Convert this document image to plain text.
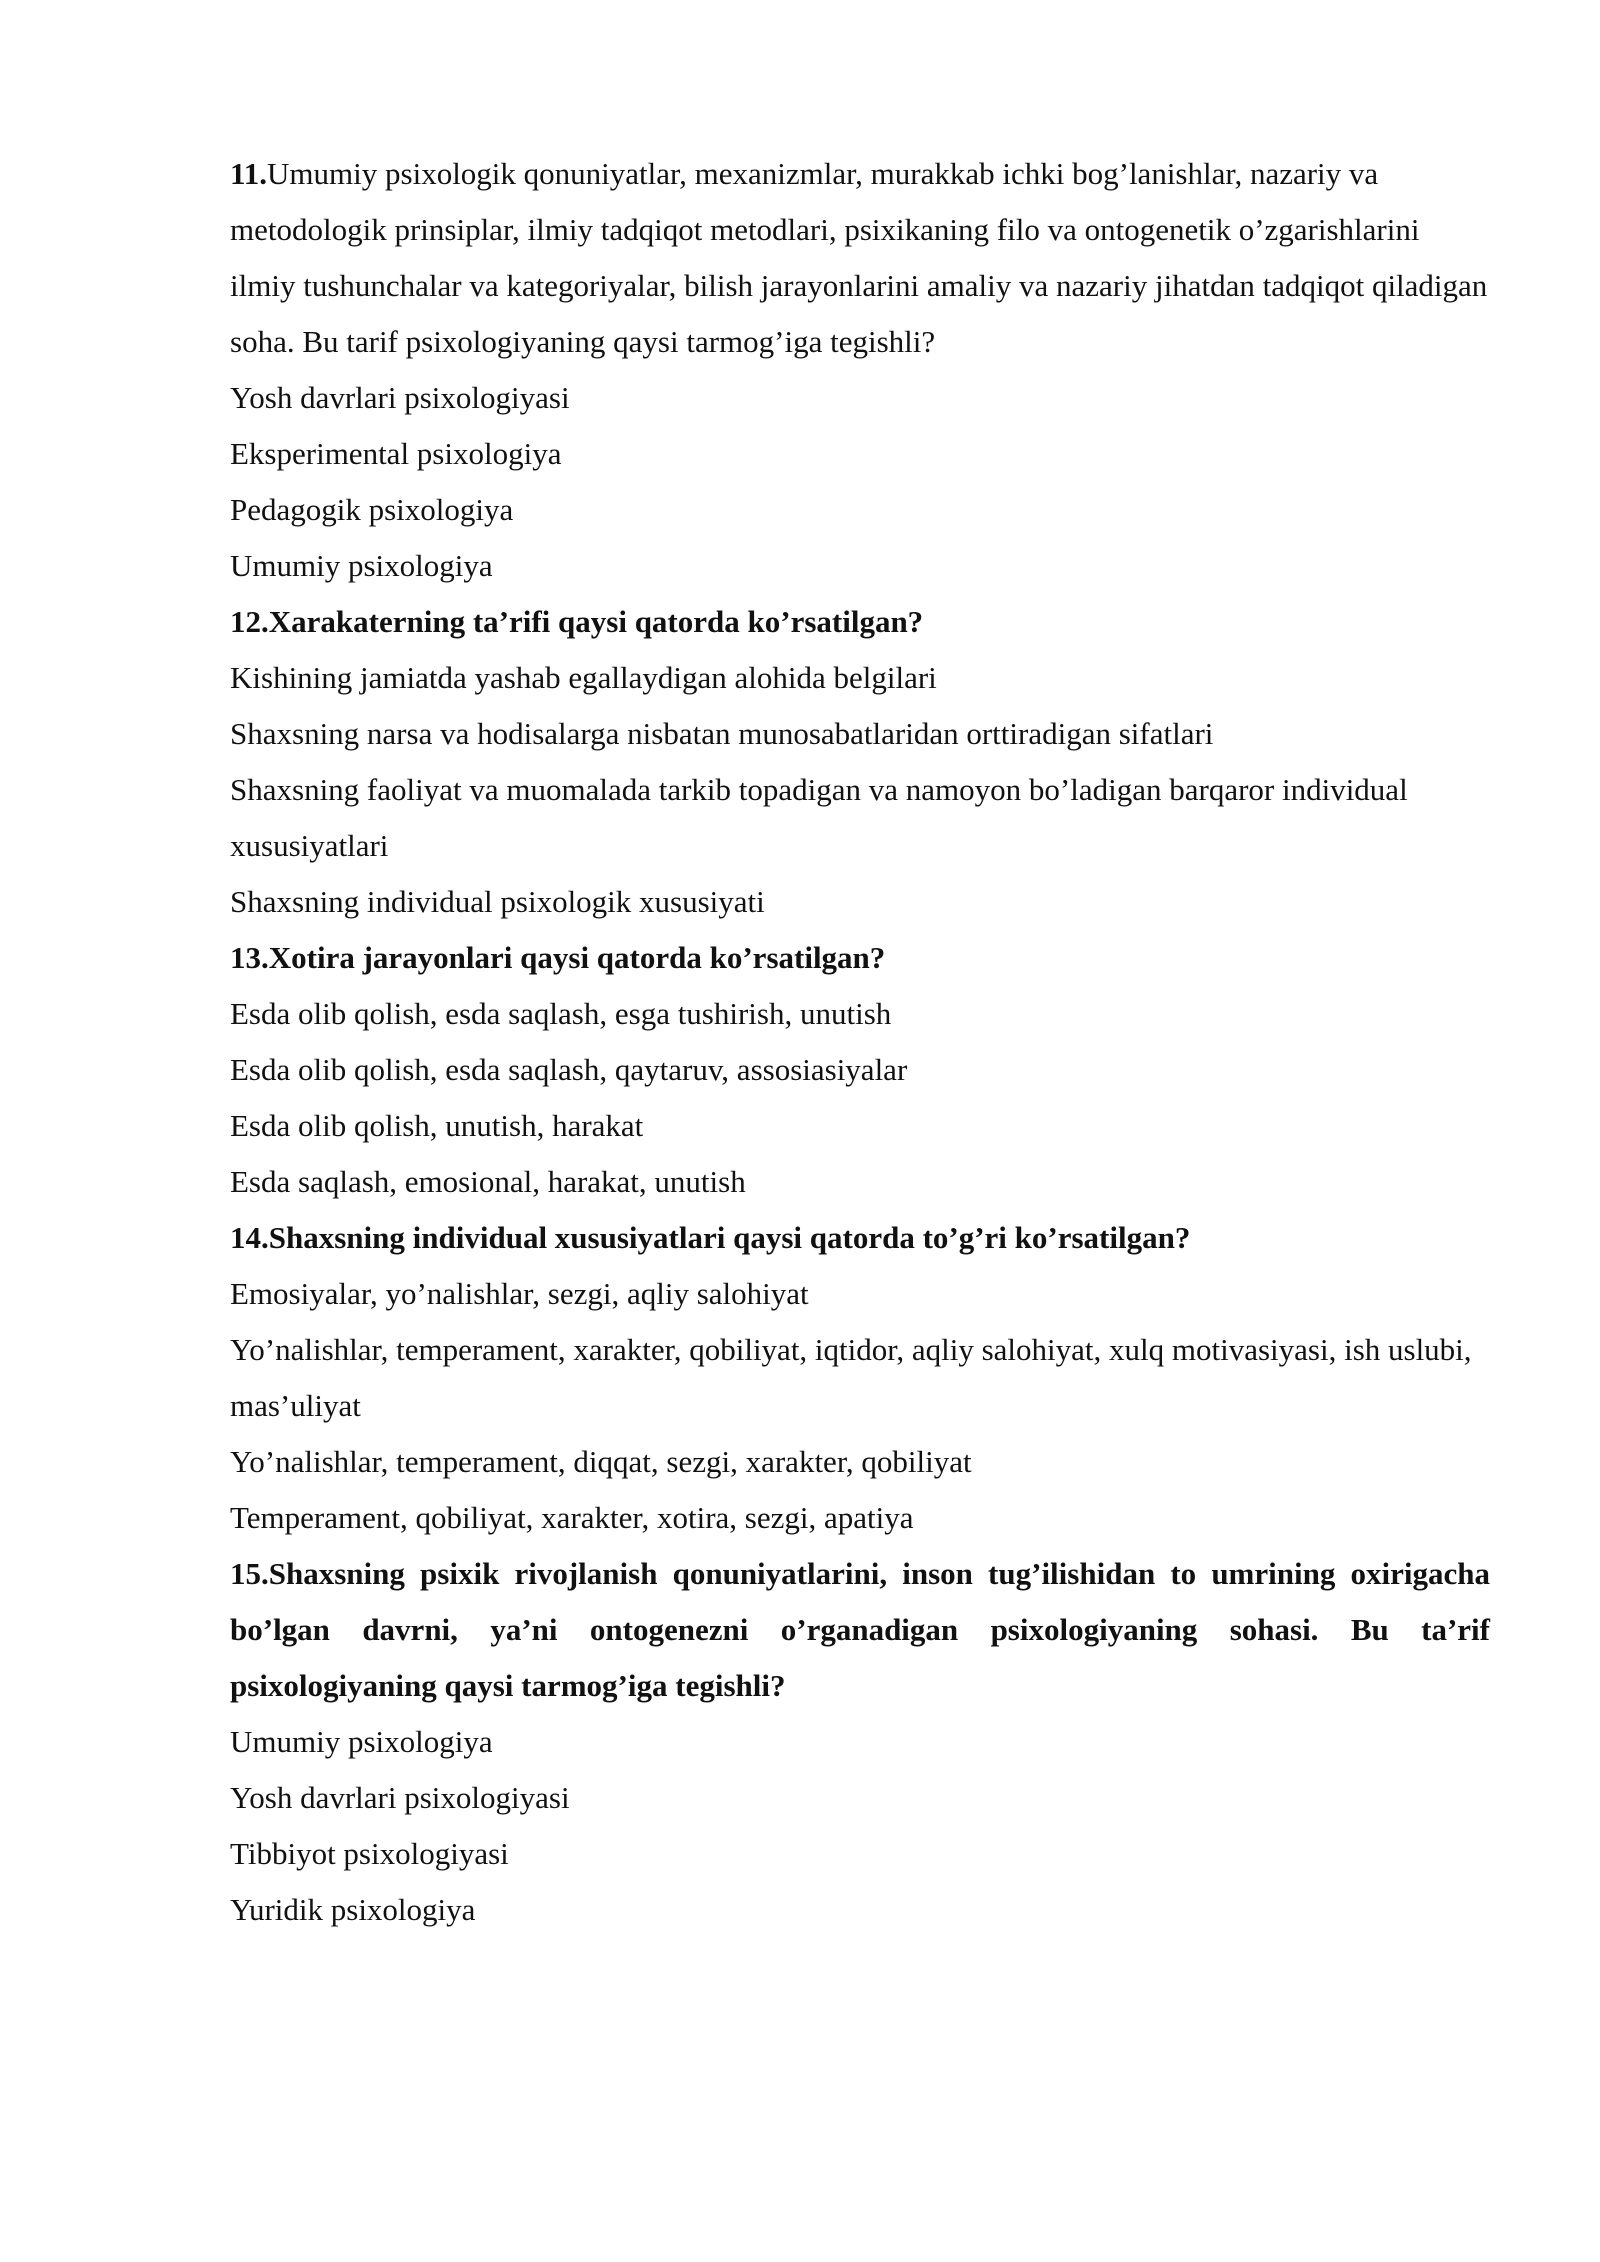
11.Umumiy psixologik qonuniyatlar, mexanizmlar, murakkab ichki bog’lanishlar, nazariy va metodologik prinsiplar, ilmiy tadqiqot metodlari, psixikaning filo va ontogenetik o’zgarishlarini ilmiy tushunchalar va kategoriyalar, bilish jarayonlarini amaliy va nazariy jihatdan tadqiqot qiladigan soha. Bu tarif psixologiyaning qaysi tarmog’iga tegishli?

Yosh davrlari psixologiyasi

Eksperimental psixologiya

Pedagogik psixologiya

Umumiy psixologiya

12.Xarakaterning ta’rifi qaysi qatorda ko’rsatilgan?

Kishining jamiatda yashab egallaydigan alohida belgilari

Shaxsning narsa va hodisalarga nisbatan munosabatlaridan orttiradigan sifatlari

Shaxsning faoliyat va muomalada tarkib topadigan va namoyon bo’ladigan barqaror individual xususiyatlari

Shaxsning individual psixologik xususiyati

13.Xotira jarayonlari qaysi qatorda ko’rsatilgan?

Esda olib qolish, esda saqlash, esga tushirish, unutish

Esda olib qolish, esda saqlash, qaytaruv, assosiasiyalar

Esda olib qolish, unutish, harakat

Esda saqlash, emosional, harakat, unutish

14.Shaxsning individual xususiyatlari qaysi qatorda to’g’ri ko’rsatilgan?

Emosiyalar, yo’nalishlar, sezgi, aqliy salohiyat

Yo’nalishlar, temperament, xarakter, qobiliyat, iqtidor, aqliy salohiyat, xulq motivasiyasi, ish uslubi, mas’uliyat

Yo’nalishlar, temperament, diqqat, sezgi, xarakter, qobiliyat

Temperament, qobiliyat, xarakter, xotira, sezgi, apatiya

15.Shaxsning psixik rivojlanish qonuniyatlarini, inson tug’ilishidan to umrining oxirigacha bo’lgan davrni, ya’ni ontogenezni o’rganadigan psixologiyaning sohasi. Bu ta’rif psixologiyaning qaysi tarmog’iga tegishli?

Umumiy psixologiya

Yosh davrlari psixologiyasi

Tibbiyot psixologiyasi

Yuridik psixologiya
